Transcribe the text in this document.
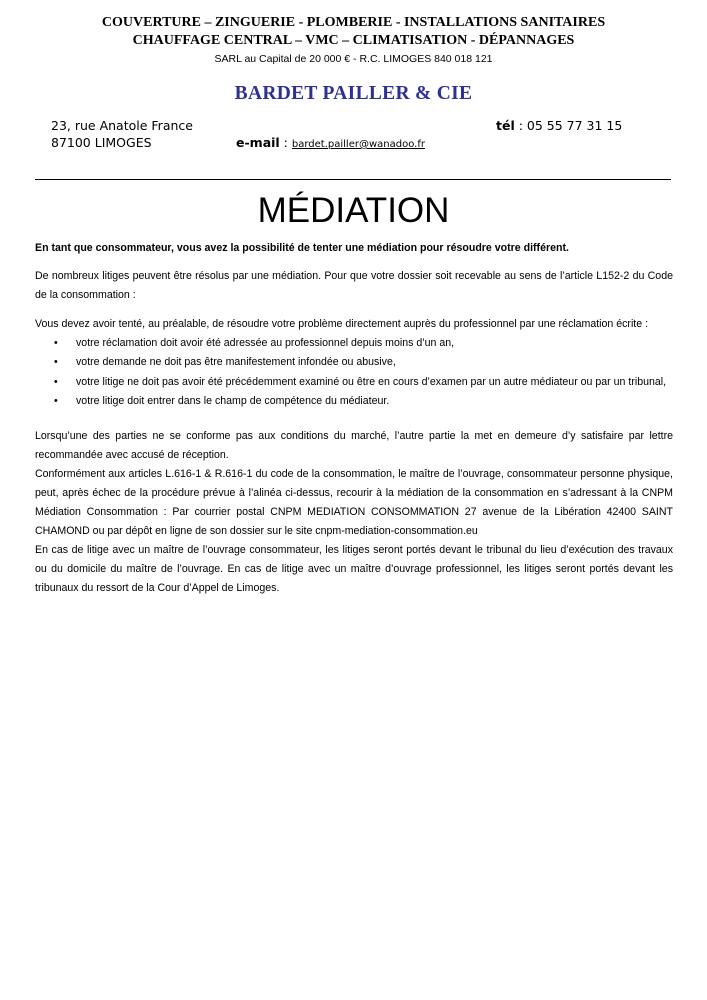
COUVERTURE – ZINGUERIE - PLOMBERIE - INSTALLATIONS SANITAIRES
CHAUFFAGE CENTRAL – VMC – CLIMATISATION - DÉPANNAGES
SARL au Capital de 20 000 € - R.C. LIMOGES 840 018 121
BARDET PAILLER & CIE
23, rue Anatole France
87100 LIMOGES
tél : 05 55 77 31 15
e-mail : bardet.pailler@wanadoo.fr
MÉDIATION
En tant que consommateur, vous avez la possibilité de tenter une médiation pour résoudre votre différent.
De nombreux litiges peuvent être résolus par une médiation. Pour que votre dossier soit recevable au sens de l’article L152-2 du Code de la consommation :
Vous devez avoir tenté, au préalable, de résoudre votre problème directement auprès du professionnel par une réclamation écrite :
• votre réclamation doit avoir été adressée au professionnel depuis moins d’un an,
• votre demande ne doit pas être manifestement infondée ou abusive,
• votre litige ne doit pas avoir été précédemment examiné ou être en cours d’examen par un autre médiateur ou par un tribunal,
• votre litige doit entrer dans le champ de compétence du médiateur.
Lorsqu’une des parties ne se conforme pas aux conditions du marché, l’autre partie la met en demeure d’y satisfaire par lettre recommandée avec accusé de réception.
Conformément aux articles L.616-1 & R.616-1 du code de la consommation, le maître de l’ouvrage, consommateur personne physique, peut, après échec de la procédure prévue à l’alinéa ci-dessus, recourir à la médiation de la consommation en s’adressant à la CNPM Médiation Consommation : Par courrier postal CNPM MEDIATION CONSOMMATION 27 avenue de la Libération 42400 SAINT CHAMOND ou par dépôt en ligne de son dossier sur le site cnpm-mediation-consommation.eu
En cas de litige avec un maître de l’ouvrage consommateur, les litiges seront portés devant le tribunal du lieu d’exécution des travaux ou du domicile du maître de l’ouvrage. En cas de litige avec un maître d’ouvrage professionnel, les litiges seront portés devant les tribunaux du ressort de la Cour d’Appel de Limoges.
